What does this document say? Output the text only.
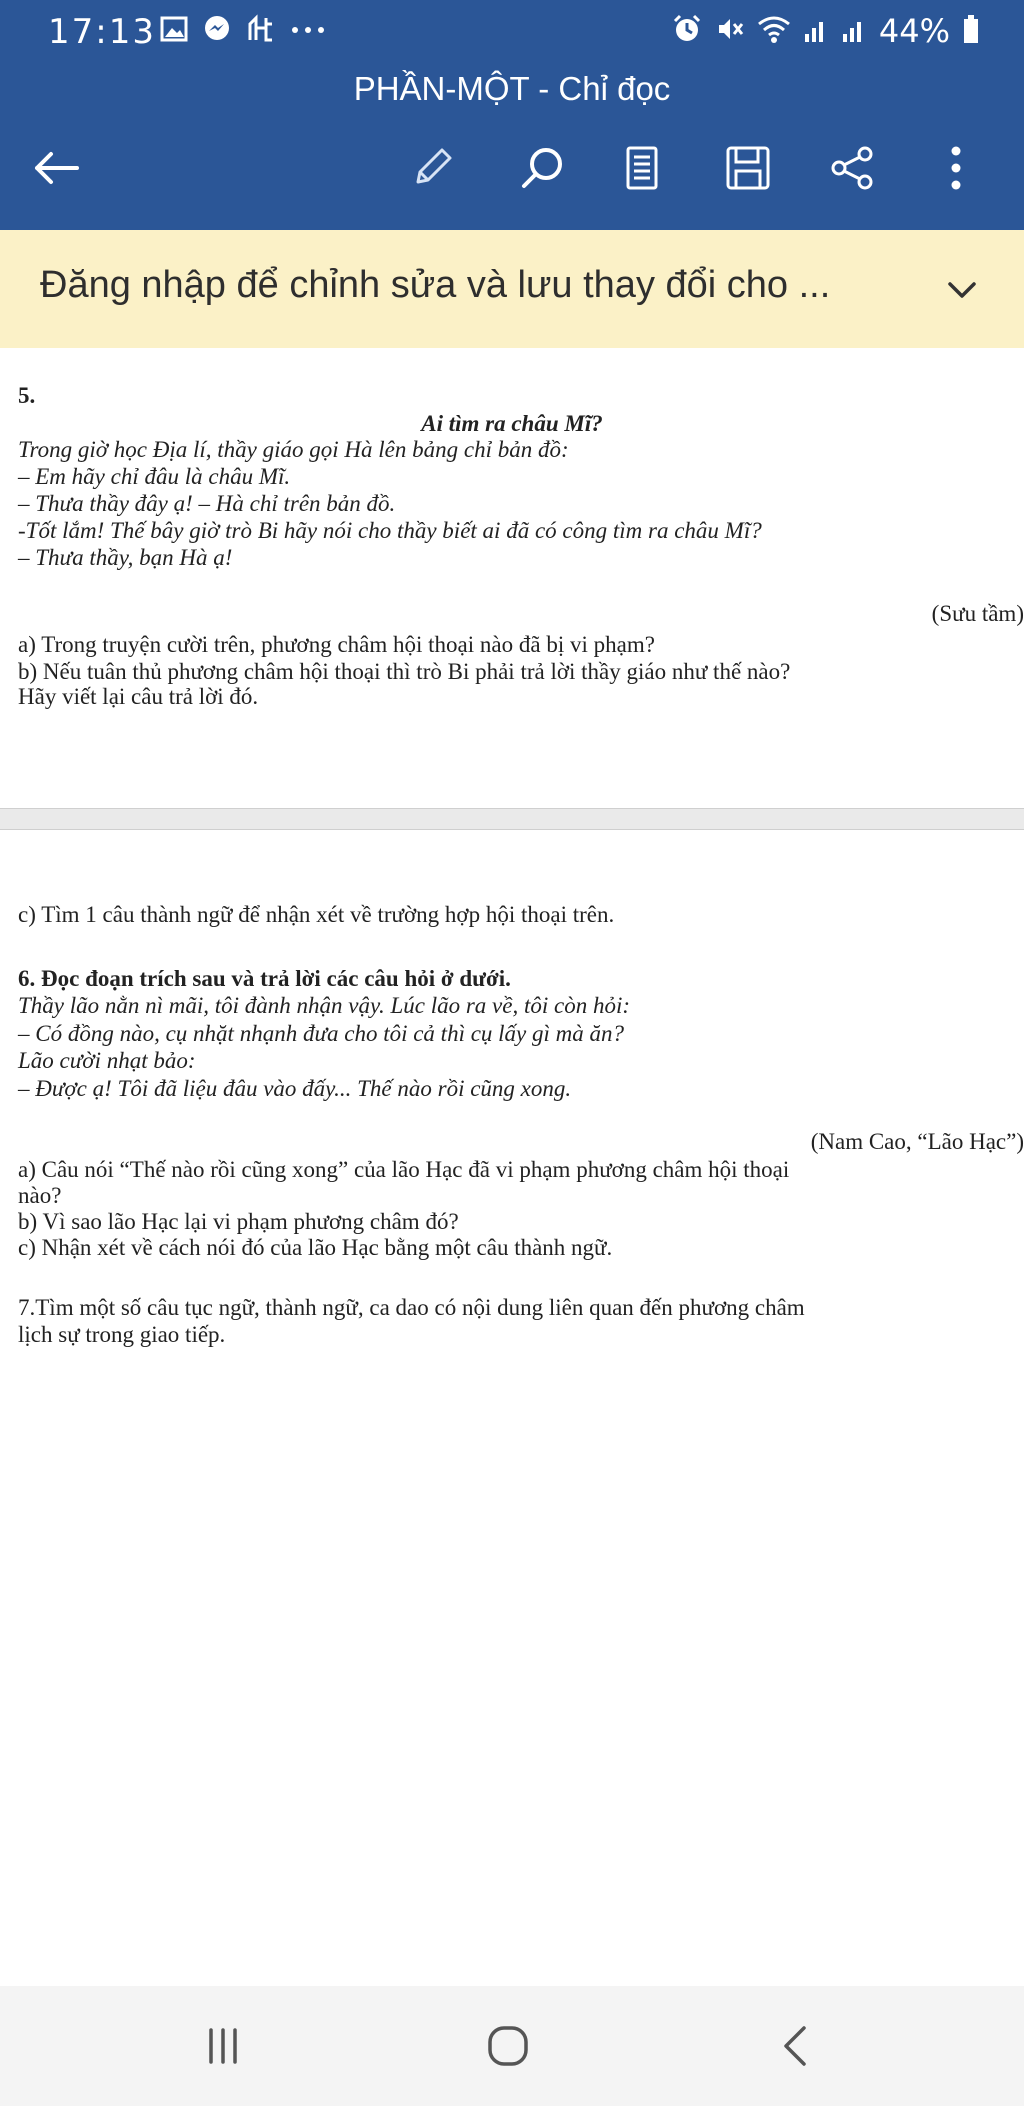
17:13	44%
PHẦN-MỘT - Chỉ đọc
Đăng nhập để chỉnh sửa và lưu thay đổi cho ...
5.
Ai tìm ra châu Mĩ?
Trong giờ học Địa lí, thầy giáo gọi Hà lên bảng chỉ bản đồ:
– Em hãy chỉ đâu là châu Mĩ.
– Thưa thầy đây ạ! – Hà chỉ trên bản đồ.
-Tốt lắm! Thế bây giờ trò Bi hãy nói cho thầy biết ai đã có công tìm ra châu Mĩ?
– Thưa thầy, bạn Hà ạ!
(Sưu tầm)
a) Trong truyện cười trên, phương châm hội thoại nào đã bị vi phạm?
b) Nếu tuân thủ phương châm hội thoại thì trò Bi phải trả lời thầy giáo như thế nào?
Hãy viết lại câu trả lời đó.
c) Tìm 1 câu thành ngữ để nhận xét về trường hợp hội thoại trên.
6. Đọc đoạn trích sau và trả lời các câu hỏi ở dưới.
Thầy lão nằn nì mãi, tôi đành nhận vậy. Lúc lão ra về, tôi còn hỏi:
– Có đồng nào, cụ nhặt nhạnh đưa cho tôi cả thì cụ lấy gì mà ăn?
Lão cười nhạt bảo:
– Được ạ! Tôi đã liệu đâu vào đấy... Thế nào rồi cũng xong.
(Nam Cao, “Lão Hạc”)
a) Câu nói “Thế nào rồi cũng xong” của lão Hạc đã vi phạm phương châm hội thoại
nào?
b) Vì sao lão Hạc lại vi phạm phương châm đó?
c) Nhận xét về cách nói đó của lão Hạc bằng một câu thành ngữ.
7.Tìm một số câu tục ngữ, thành ngữ, ca dao có nội dung liên quan đến phương châm
lịch sự trong giao tiếp.
